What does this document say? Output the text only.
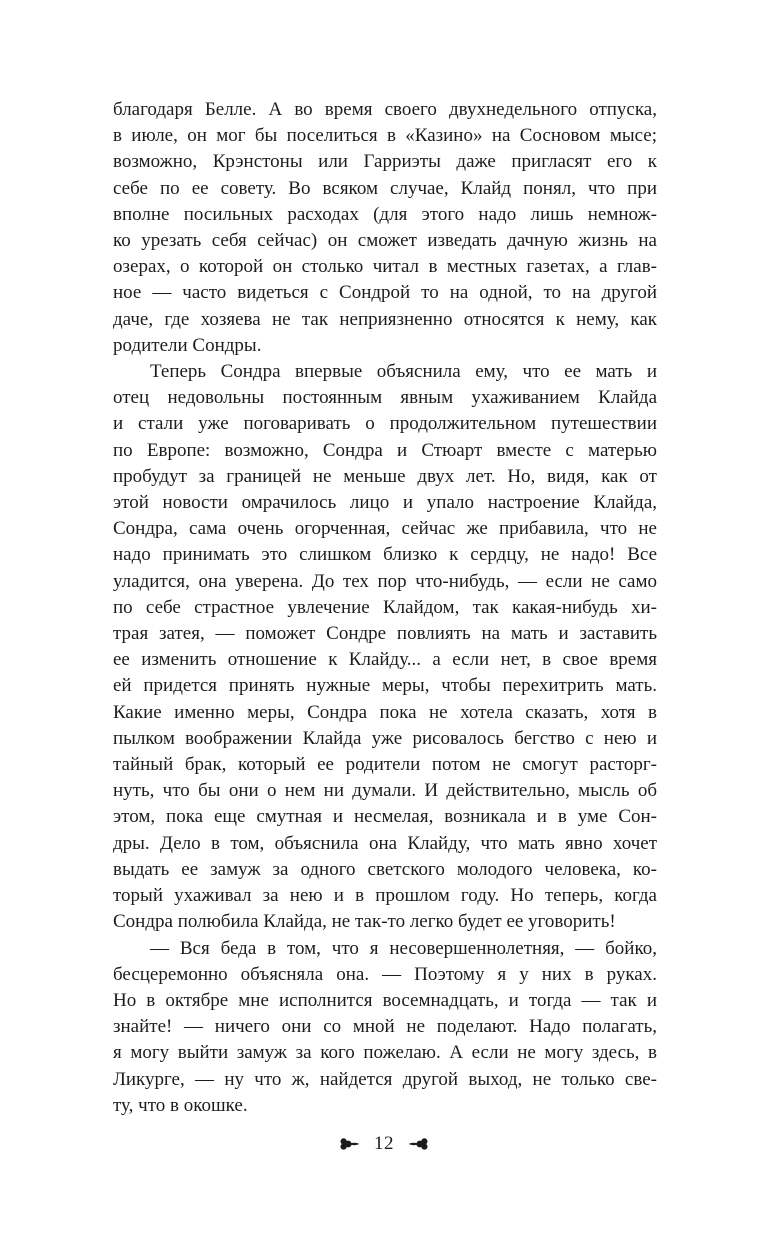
благодаря Белле. А во время своего двухнедельного отпуска,
в июле, он мог бы поселиться в «Казино» на Сосновом мысе;
возможно, Крэнстоны или Гарриэты даже пригласят его к
себе по ее совету. Во всяком случае, Клайд понял, что при
вполне посильных расходах (для этого надо лишь немнож-
ко урезать себя сейчас) он сможет изведать дачную жизнь на
озерах, о которой он столько читал в местных газетах, а глав-
ное — часто видеться с Сондрой то на одной, то на другой
даче, где хозяева не так неприязненно относятся к нему, как
родители Сондры.
Теперь Сондра впервые объяснила ему, что ее мать и
отец недовольны постоянным явным ухаживанием Клайда
и стали уже поговаривать о продолжительном путешествии
по Европе: возможно, Сондра и Стюарт вместе с матерью
пробудут за границей не меньше двух лет. Но, видя, как от
этой новости омрачилось лицо и упало настроение Клайда,
Сондра, сама очень огорченная, сейчас же прибавила, что не
надо принимать это слишком близко к сердцу, не надо! Все
уладится, она уверена. До тех пор что-нибудь, — если не само
по себе страстное увлечение Клайдом, так какая-нибудь хи-
трая затея, — поможет Сондре повлиять на мать и заставить
ее изменить отношение к Клайду... а если нет, в свое время
ей придется принять нужные меры, чтобы перехитрить мать.
Какие именно меры, Сондра пока не хотела сказать, хотя в
пылком воображении Клайда уже рисовалось бегство с нею и
тайный брак, который ее родители потом не смогут расторг-
нуть, что бы они о нем ни думали. И действительно, мысль об
этом, пока еще смутная и несмелая, возникала и в уме Сон-
дры. Дело в том, объяснила она Клайду, что мать явно хочет
выдать ее замуж за одного светского молодого человека, ко-
торый ухаживал за нею и в прошлом году. Но теперь, когда
Сондра полюбила Клайда, не так-то легко будет ее уговорить!
— Вся беда в том, что я несовершеннолетняя, — бойко,
бесцеремонно объясняла она. — Поэтому я у них в руках.
Но в октябре мне исполнится восемнадцать, и тогда — так и
знайте! — ничего они со мной не поделают. Надо полагать,
я могу выйти замуж за кого пожелаю. А если не могу здесь, в
Ликурге, — ну что ж, найдется другой выход, не только све-
ту, что в окошке.
12
